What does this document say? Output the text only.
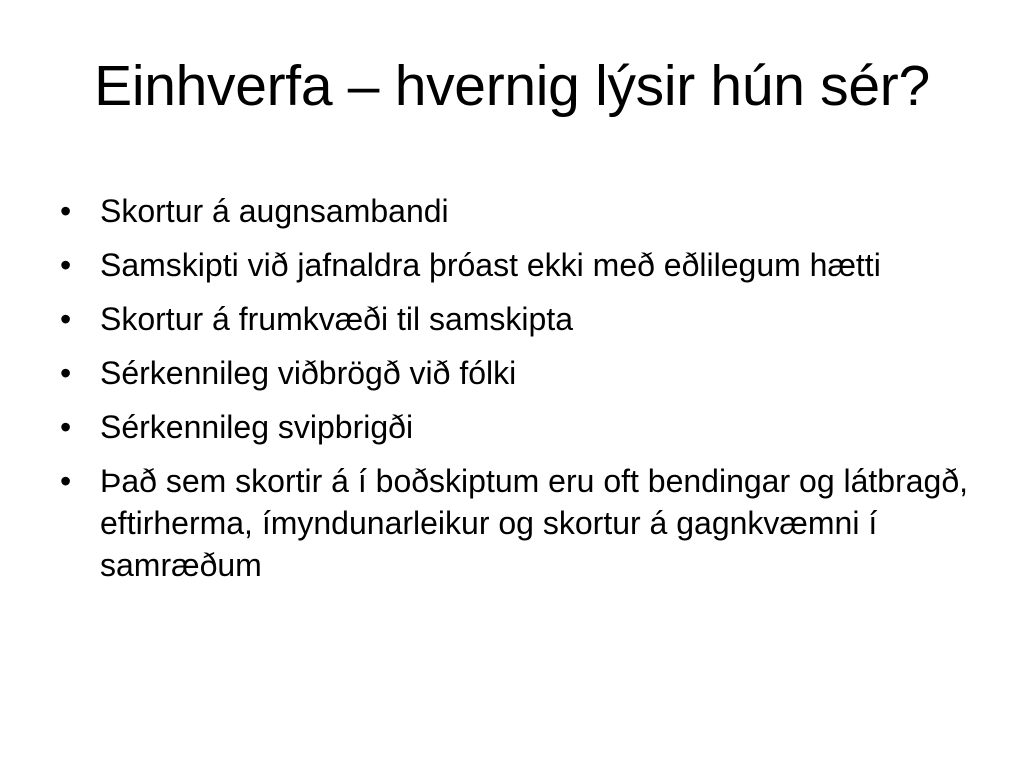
Einhverfa – hvernig lýsir hún sér?
• Skortur á augnsambandi
• Samskipti við jafnaldra þróast ekki með eðlilegum hætti
• Skortur á frumkvæði til samskipta
• Sérkennileg viðbrögð við fólki
• Sérkennileg svipbrigði
• Það sem skortir á í boðskiptum eru oft bendingar og látbragð, eftirherma, ímyndunarleikur og skortur á gagnkvæmni í samræðum
